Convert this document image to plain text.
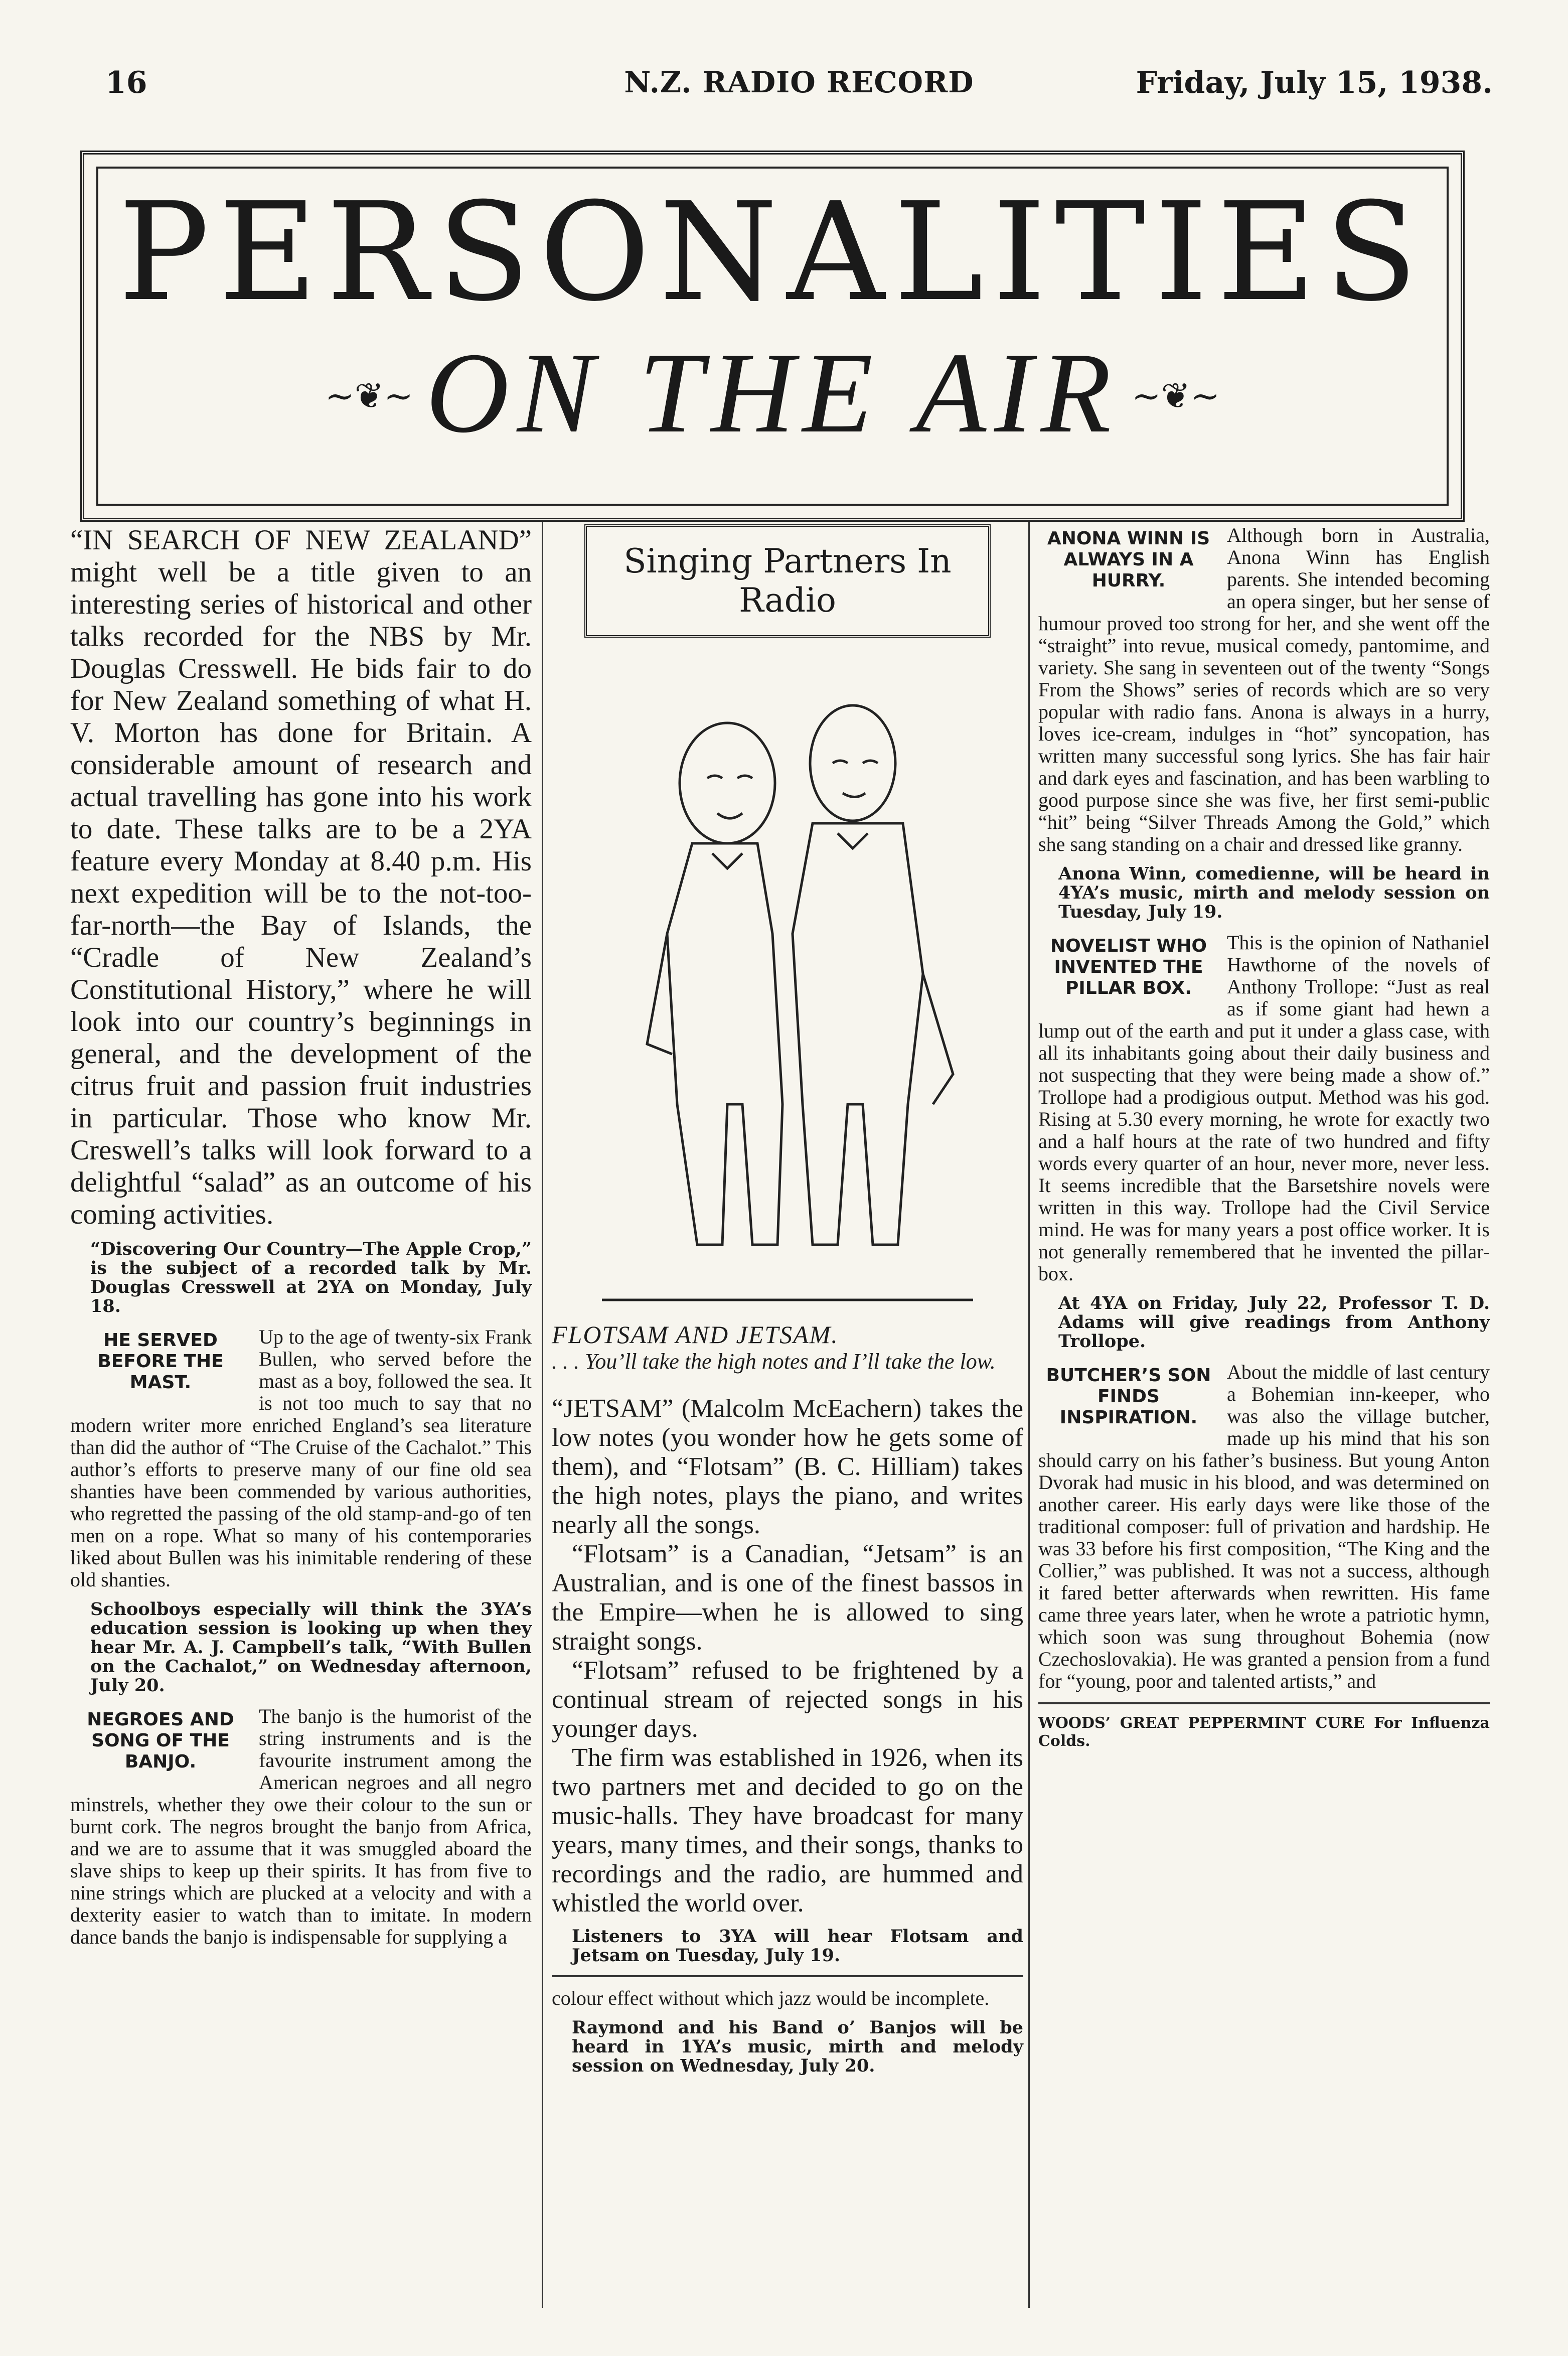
16	N.Z. RADIO RECORD	Friday, July 15, 1938.
PERSONALITIES
ON THE AIR
~❦~	~❦~

“IN SEARCH OF NEW ZEALAND” might well be a title given to an interesting series of historical and other talks recorded for the NBS by Mr. Douglas Cresswell. He bids fair to do for New Zealand something of what H. V. Morton has done for Britain. A considerable amount of research and actual travelling has gone into his work to date. These talks are to be a 2YA feature every Monday at 8.40 p.m. His next expedition will be to the not-too-far-north—the Bay of Islands, the “Cradle of New Zealand’s Constitutional History,” where he will look into our country’s beginnings in general, and the development of the citrus fruit and passion fruit industries in particular. Those who know Mr. Creswell’s talks will look forward to a delightful “salad” as an outcome of his coming activities.

“Discovering Our Country—The Apple Crop,” is the subject of a recorded talk by Mr. Douglas Cresswell at 2YA on Monday, July 18.

HE SERVED BEFORE THE MAST.
Up to the age of twenty-six Frank Bullen, who served before the mast as a boy, followed the sea. It is not too much to say that no modern writer more enriched England’s sea literature than did the author of “The Cruise of the Cachalot.” This author’s efforts to preserve many of our fine old sea shanties have been commended by various authorities, who regretted the passing of the old stamp-and-go of ten men on a rope. What so many of his contemporaries liked about Bullen was his inimitable rendering of these old shanties.

Schoolboys especially will think the 3YA’s education session is looking up when they hear Mr. A. J. Campbell’s talk, “With Bullen on the Cachalot,” on Wednesday afternoon, July 20.

NEGROES AND SONG OF THE BANJO.
The banjo is the humorist of the string instruments and is the favourite instrument among the American negroes and all negro minstrels, whether they owe their colour to the sun or burnt cork. The negros brought the banjo from Africa, and we are to assume that it was smuggled aboard the slave ships to keep up their spirits. It has from five to nine strings which are plucked at a velocity and with a dexterity easier to watch than to imitate. In modern dance bands the banjo is indispensable for supplying a

Singing Partners In Radio

FLOTSAM AND JETSAM.

. . . You’ll take the high notes and I’ll take the low.

“JETSAM” (Malcolm McEachern) takes the low notes (you wonder how he gets some of them), and “Flotsam” (B. C. Hilliam) takes the high notes, plays the piano, and writes nearly all the songs.

“Flotsam” is a Canadian, “Jetsam” is an Australian, and is one of the finest bassos in the Empire—when he is allowed to sing straight songs.

“Flotsam” refused to be frightened by a continual stream of rejected songs in his younger days.

The firm was established in 1926, when its two partners met and decided to go on the music-halls. They have broadcast for many years, many times, and their songs, thanks to recordings and the radio, are hummed and whistled the world over.

Listeners to 3YA will hear Flotsam and Jetsam on Tuesday, July 19.

colour effect without which jazz would be incomplete.

Raymond and his Band o’ Banjos will be heard in 1YA’s music, mirth and melody session on Wednesday, July 20.

ANONA WINN IS ALWAYS IN A HURRY.
Although born in Australia, Anona Winn has English parents. She intended becoming an opera singer, but her sense of humour proved too strong for her, and she went off the “straight” into revue, musical comedy, pantomime, and variety. She sang in seventeen out of the twenty “Songs From the Shows” series of records which are so very popular with radio fans. Anona is always in a hurry, loves ice-cream, indulges in “hot” syncopation, has written many successful song lyrics. She has fair hair and dark eyes and fascination, and has been warbling to good purpose since she was five, her first semi-public “hit” being “Silver Threads Among the Gold,” which she sang standing on a chair and dressed like granny.

Anona Winn, comedienne, will be heard in 4YA’s music, mirth and melody session on Tuesday, July 19.

NOVELIST WHO INVENTED THE PILLAR BOX.
This is the opinion of Nathaniel Hawthorne of the novels of Anthony Trollope: “Just as real as if some giant had hewn a lump out of the earth and put it under a glass case, with all its inhabitants going about their daily business and not suspecting that they were being made a show of.” Trollope had a prodigious output. Method was his god. Rising at 5.30 every morning, he wrote for exactly two and a half hours at the rate of two hundred and fifty words every quarter of an hour, never more, never less. It seems incredible that the Barsetshire novels were written in this way. Trollope had the Civil Service mind. He was for many years a post office worker. It is not generally remembered that he invented the pillar-box.

At 4YA on Friday, July 22, Professor T. D. Adams will give readings from Anthony Trollope.

BUTCHER’S SON FINDS INSPIRATION.
About the middle of last century a Bohemian inn-keeper, who was also the village butcher, made up his mind that his son should carry on his father’s business. But young Anton Dvorak had music in his blood, and was determined on another career. His early days were like those of the traditional composer: full of privation and hardship. He was 33 before his first composition, “The King and the Collier,” was published. It was not a success, although it fared better afterwards when rewritten. His fame came three years later, when he wrote a patriotic hymn, which soon was sung throughout Bohemia (now Czechoslovakia). He was granted a pension from a fund for “young, poor and talented artists,” and

WOODS’ GREAT PEPPERMINT CURE For Influenza Colds.
